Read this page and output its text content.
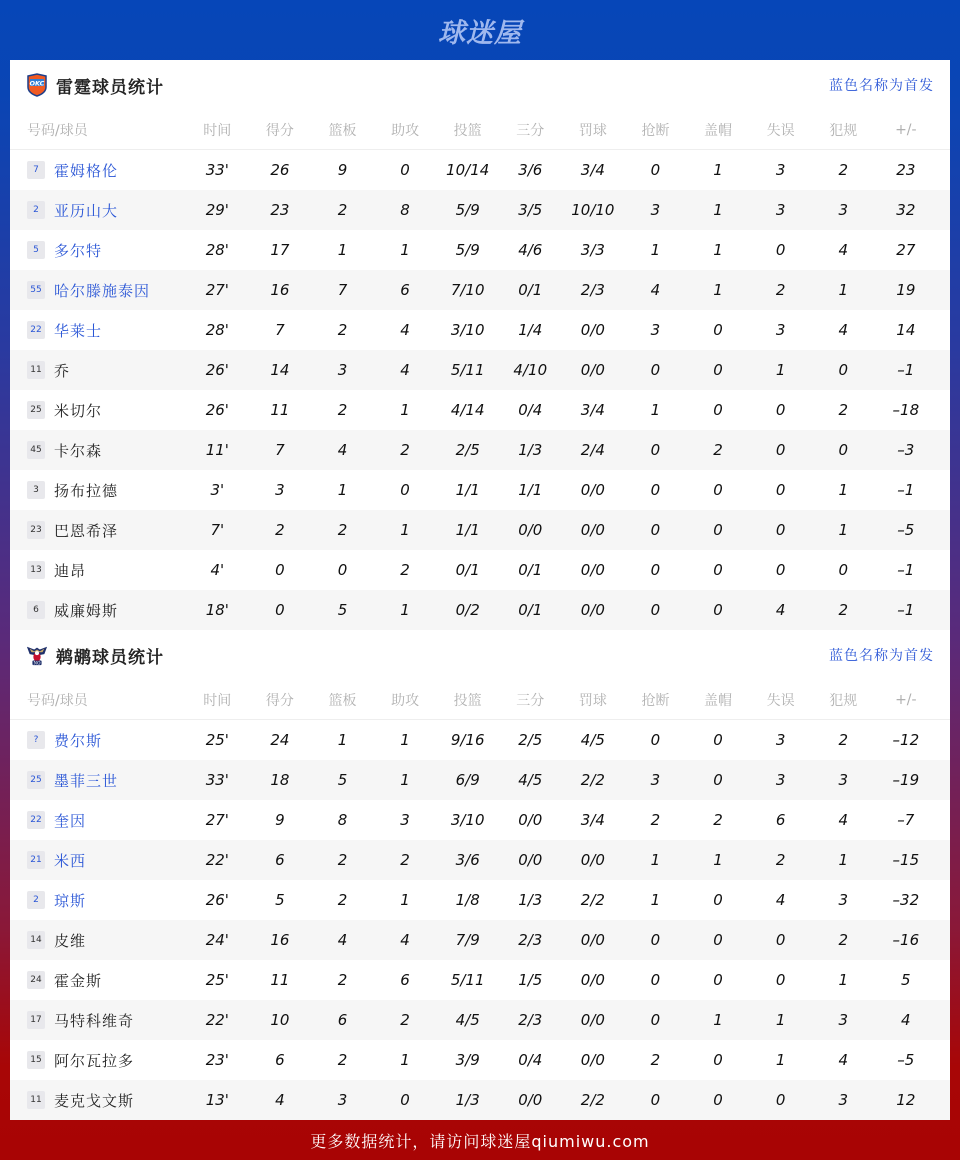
球迷屋
OKC 雷霆球员统计	蓝色名称为首发
号码/球员	时间	得分	篮板	助攻	投篮	三分	罚球	抢断	盖帽	失误	犯规	+/-
7	霍姆格伦	33'	26	9	0	10/14	3/6	3/4	0	1	3	2	23
2	亚历山大	29'	23	2	8	5/9	3/5	10/10	3	1	3	3	32
5	多尔特	28'	17	1	1	5/9	4/6	3/3	1	1	0	4	27
55 哈尔滕施泰因	27'	16	7	6	7/10	0/1	2/3	4	1	2	1	19
22 华莱士	28'	7	2	4	3/10	1/4	0/0	3	0	3	4	14
11 乔	26'	14	3	4	5/11	4/10	0/0	0	0	1	0	–1
25 米切尔	26'	11	2	1	4/14	0/4	3/4	1	0	0	2	–18
45 卡尔森	11'	7	4	2	2/5	1/3	2/4	0	2	0	0	–3
3	扬布拉德	3'	3	1	0	1/1	1/1	0/0	0	0	0	1	–1
23 巴恩希泽	7'	2	2	1	1/1	0/0	0/0	0	0	0	1	–5
13 迪昂	4'	0	0	2	0/1	0/1	0/0	0	0	0	0	–1
6	威廉姆斯	18'	0	5	1	0/2	0/1	0/0	0	0	4	2	–1
NO 鹈鹕球员统计	蓝色名称为首发
号码/球员	时间	得分	篮板	助攻	投篮	三分	罚球	抢断	盖帽	失误	犯规	+/-
?	费尔斯	25'	24	1	1	9/16	2/5	4/5	0	0	3	2	–12
25 墨菲三世	33'	18	5	1	6/9	4/5	2/2	3	0	3	3	–19
22 奎因	27'	9	8	3	3/10	0/0	3/4	2	2	6	4	–7
21 米西	22'	6	2	2	3/6	0/0	0/0	1	1	2	1	–15
2	琼斯	26'	5	2	1	1/8	1/3	2/2	1	0	4	3	–32
14 皮维	24'	16	4	4	7/9	2/3	0/0	0	0	0	2	–16
24 霍金斯	25'	11	2	6	5/11	1/5	0/0	0	0	0	1	5
17 马特科维奇	22'	10	6	2	4/5	2/3	0/0	0	1	1	3	4
15 阿尔瓦拉多	23'	6	2	1	3/9	0/4	0/0	2	0	1	4	–5
11 麦克戈文斯	13'	4	3	0	1/3	0/0	2/2	0	0	0	3	12
更多数据统计，请访问球迷屋qiumiwu.com
